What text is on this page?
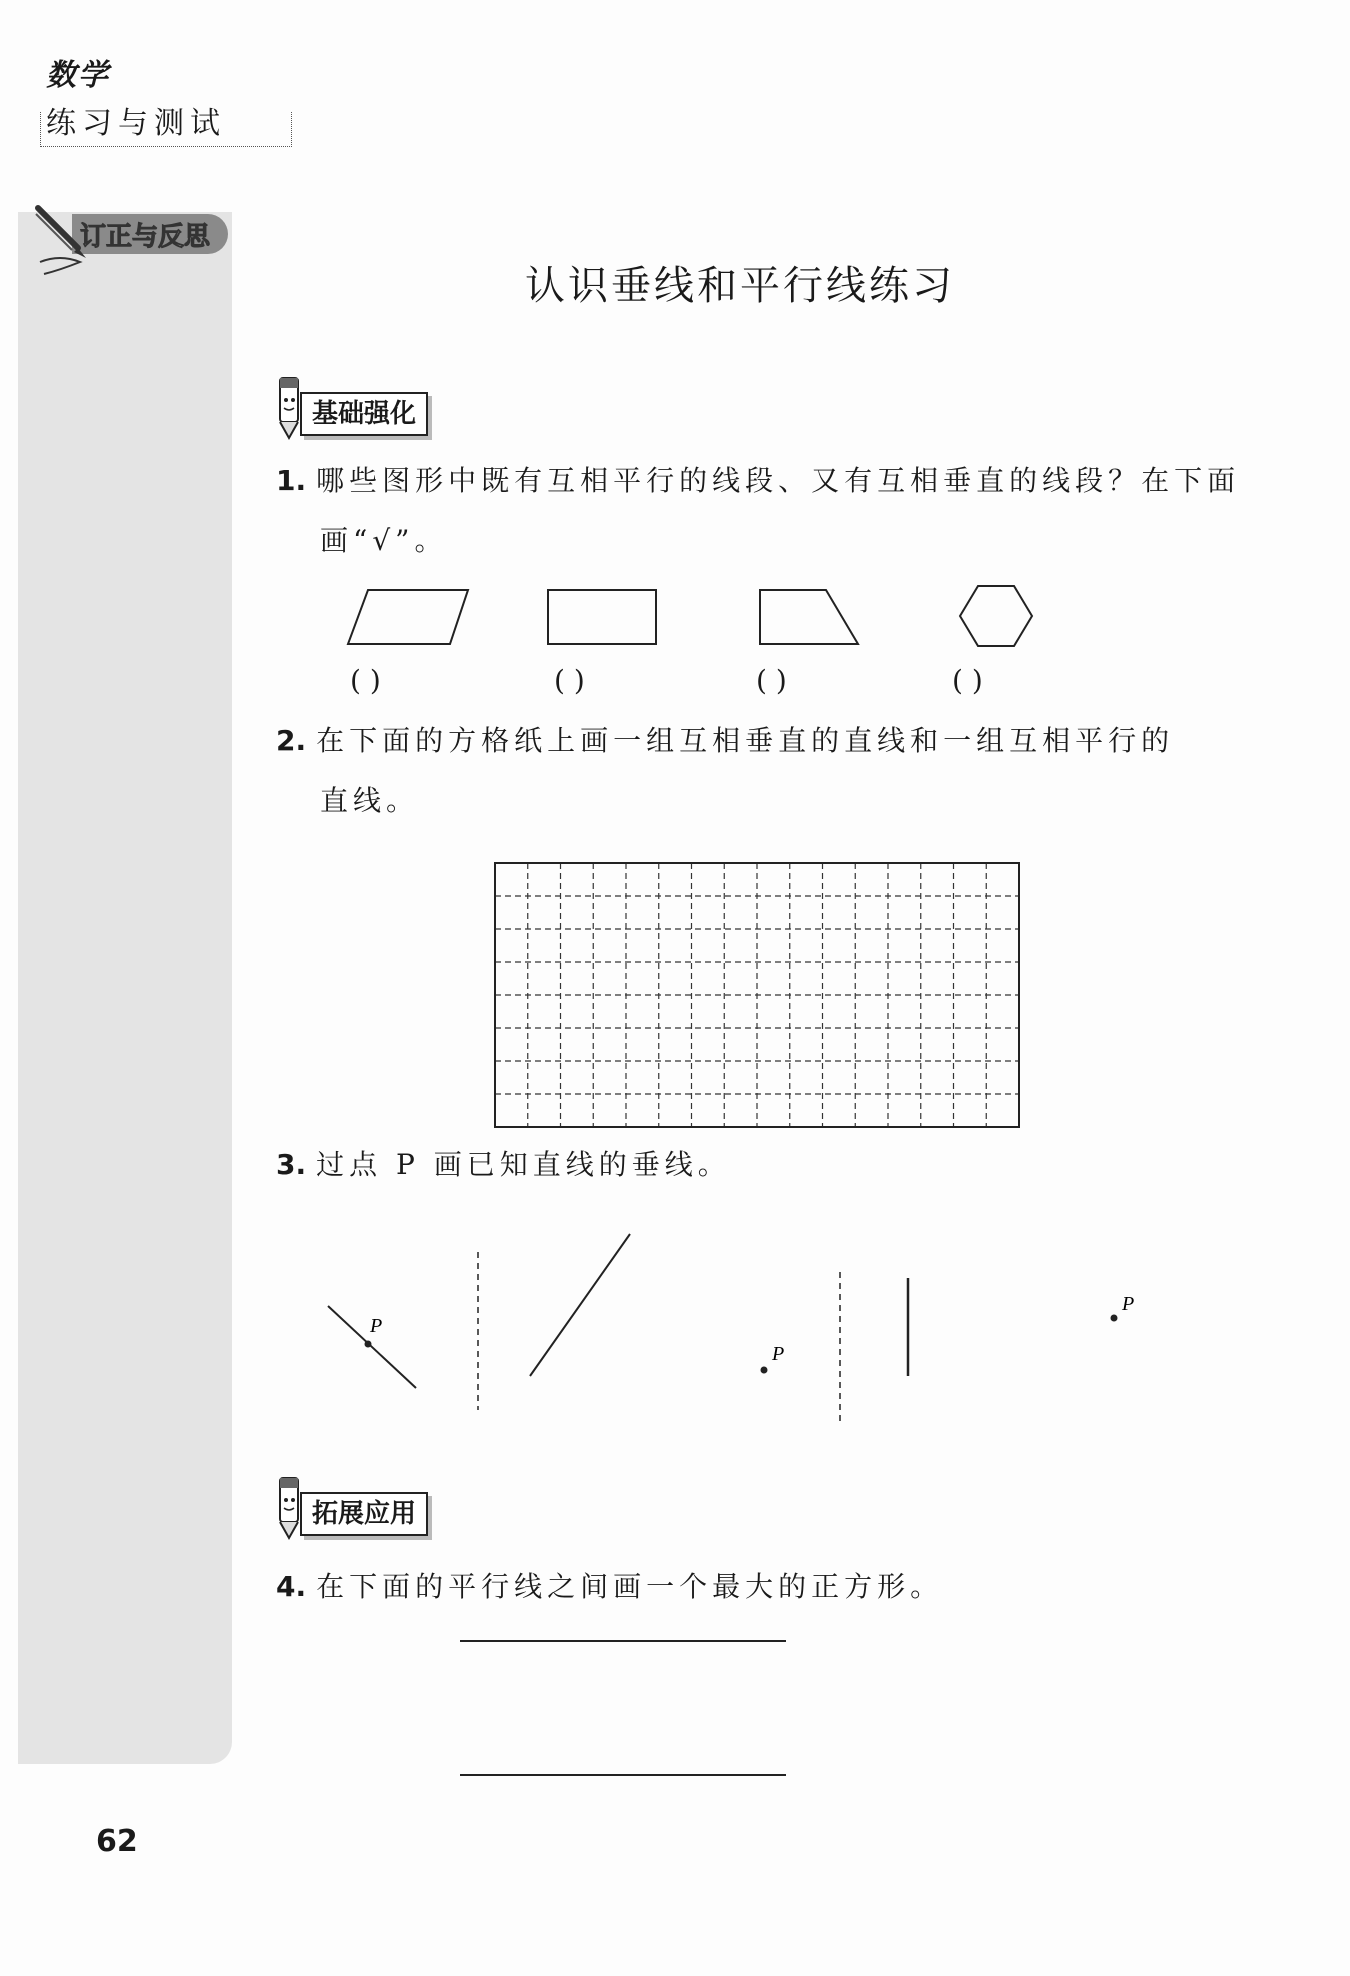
数学
练习与测试
订正与反思
认识垂线和平行线练习
基础强化
1. 哪些图形中既有互相平行的线段、又有互相垂直的线段？在下面
画“√”。
( )	( )	( )	( )
2. 在下面的方格纸上画一组互相垂直的直线和一组互相平行的
直线。
3. 过点 P 画已知直线的垂线。
P
P
P
拓展应用
4. 在下面的平行线之间画一个最大的正方形。
62
